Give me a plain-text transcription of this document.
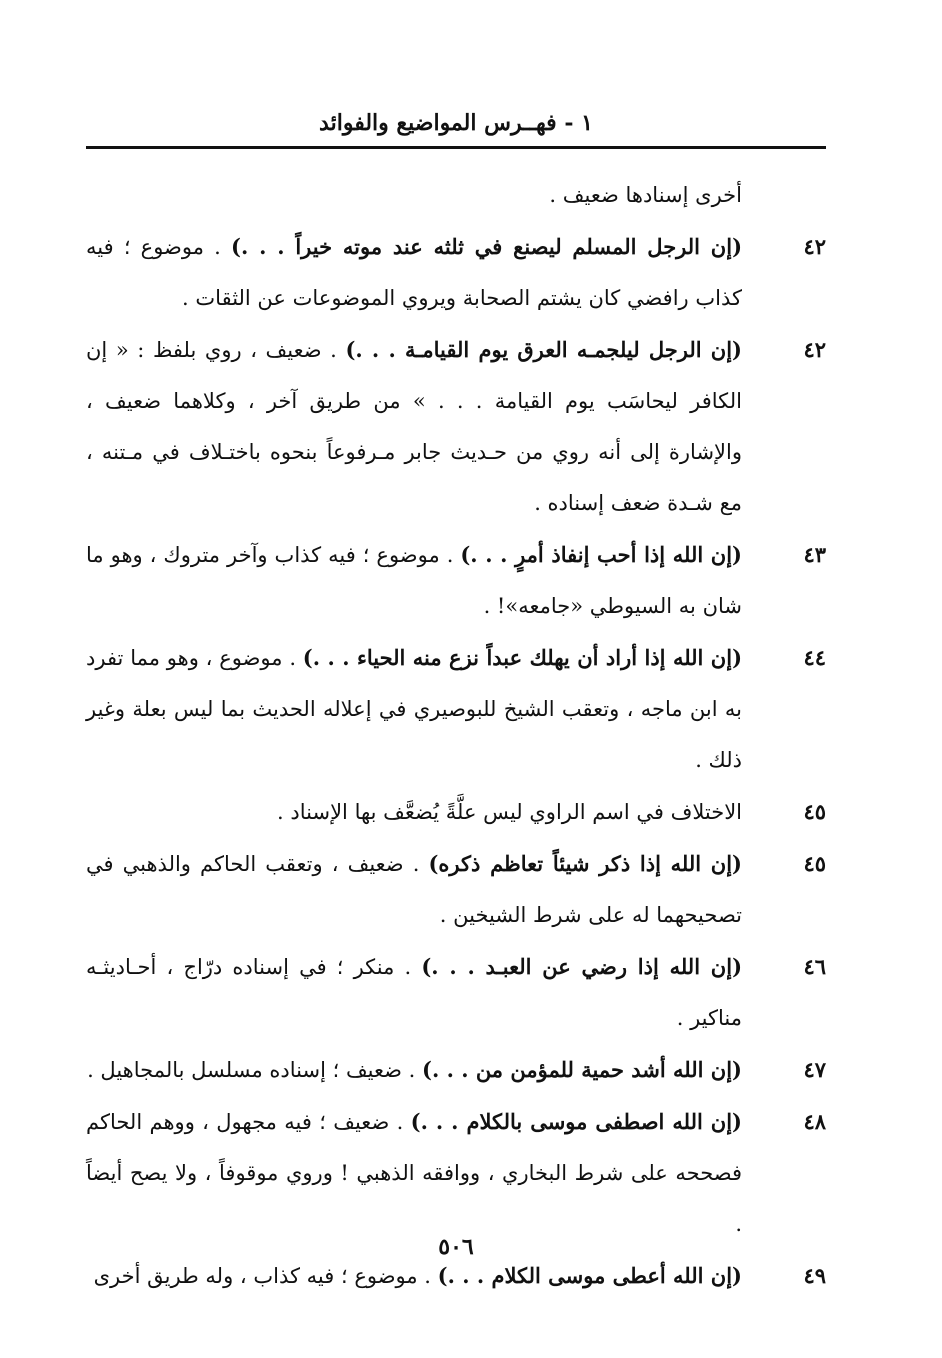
١ - فهــرس المواضيع والفوائد
أخرى إسنادها ضعيف .
٤٢
(إن الرجل المسلم ليصنع في ثلثه عند موته خيراً . . .) . موضوع ؛ فيه كذاب رافضي كان يشتم الصحابة ويروي الموضوعات عن الثقات .
٤٢
(إن الرجل ليلجمـه العرق يوم القيامـة . . .) . ضعيف ، روي بلفظ : « إن الكافر ليحاسَب يوم القيامة . . . » من طريق آخر ، وكلاهما ضعيف ، والإشارة إلى أنه روي من حـديث جابر مـرفوعاً بنحوه باختـلاف في مـتنه ، مع شـدة ضعف إسناده .
٤٣
(إن الله إذا أحب إنفاذ أمرٍ . . .) . موضوع ؛ فيه كذاب وآخر متروك ، وهو ما شان به السيوطي «جامعه»! .
٤٤
(إن الله إذا أراد أن يهلك عبداً نزع منه الحياء . . .) . موضوع ، وهو مما تفرد به ابن ماجه ، وتعقب الشيخ للبوصيري في إعلاله الحديث بما ليس بعلة وغير ذلك .
٤٥
الاختلاف في اسم الراوي ليس علَّةً يُضعَّف بها الإسناد .
٤٥
(إن الله إذا ذكر شيئاً تعاظم ذكره) . ضعيف ، وتعقب الحاكم والذهبي في تصحيحهما له على شرط الشيخين .
٤٦
(إن الله إذا رضي عن العبـد . . .) . منكر ؛ في إسناده درّاج ، أحـاديثـه مناكير .
٤٧
(إن الله أشد حمية للمؤمن من . . .) . ضعيف ؛ إسناده مسلسل بالمجاهيل .
٤٨
(إن الله اصطفى موسى بالكلام . . .) . ضعيف ؛ فيه مجهول ، ووهم الحاكم فصححه على شرط البخاري ، ووافقه الذهبي ! وروي موقوفاً ، ولا يصح أيضاً .
٤٩
(إن الله أعطى موسى الكلام . . .) . موضوع ؛ فيه كذاب ، وله طريق أخرى
٥٠٦
